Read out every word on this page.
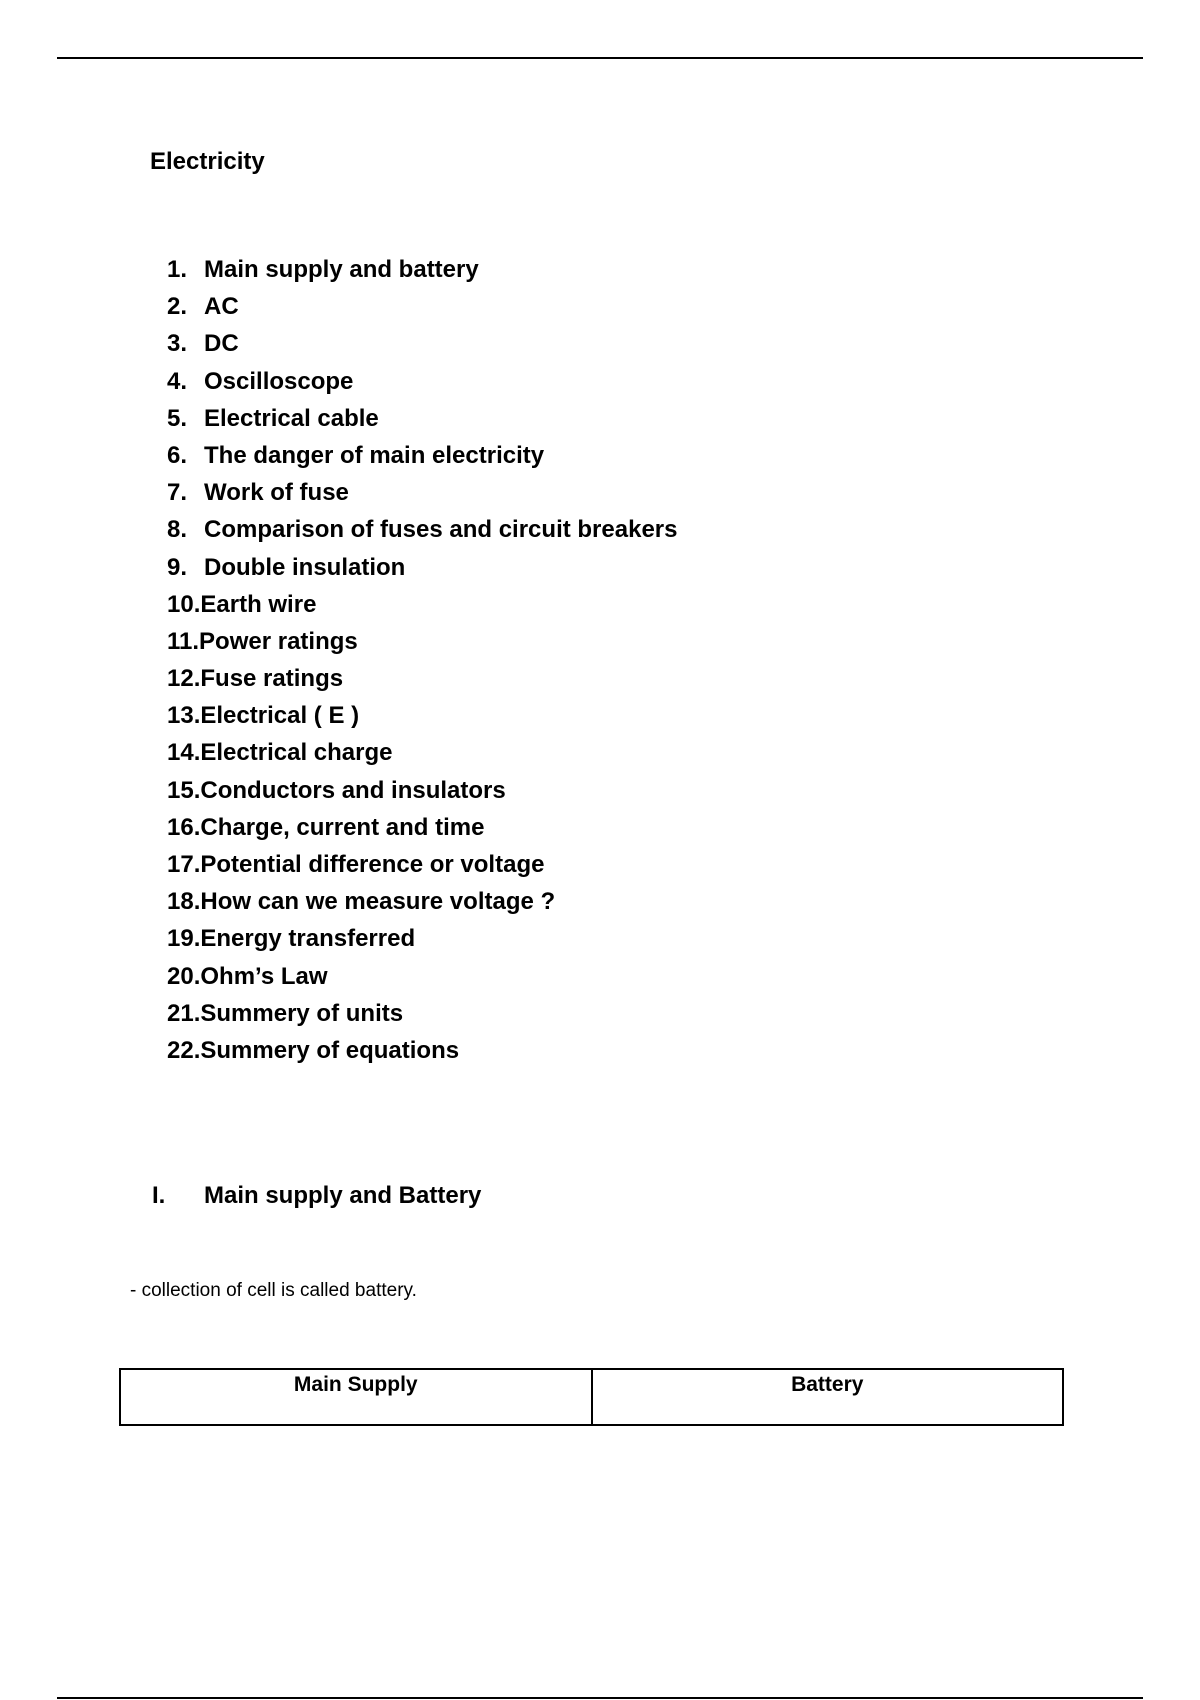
Electricity
1. Main supply and battery
2. AC
3. DC
4. Oscilloscope
5. Electrical cable
6. The danger of main electricity
7. Work of fuse
8. Comparison of fuses and circuit breakers
9. Double insulation
10.Earth wire
11.Power ratings
12.Fuse ratings
13.Electrical ( E )
14.Electrical charge
15.Conductors and insulators
16.Charge, current and time
17.Potential difference or voltage
18.How can we measure voltage ?
19.Energy transferred
20.Ohm’s Law
21.Summery of units
22.Summery of equations
I. Main supply and Battery
- collection of cell is called battery.
Main Supply	Battery
